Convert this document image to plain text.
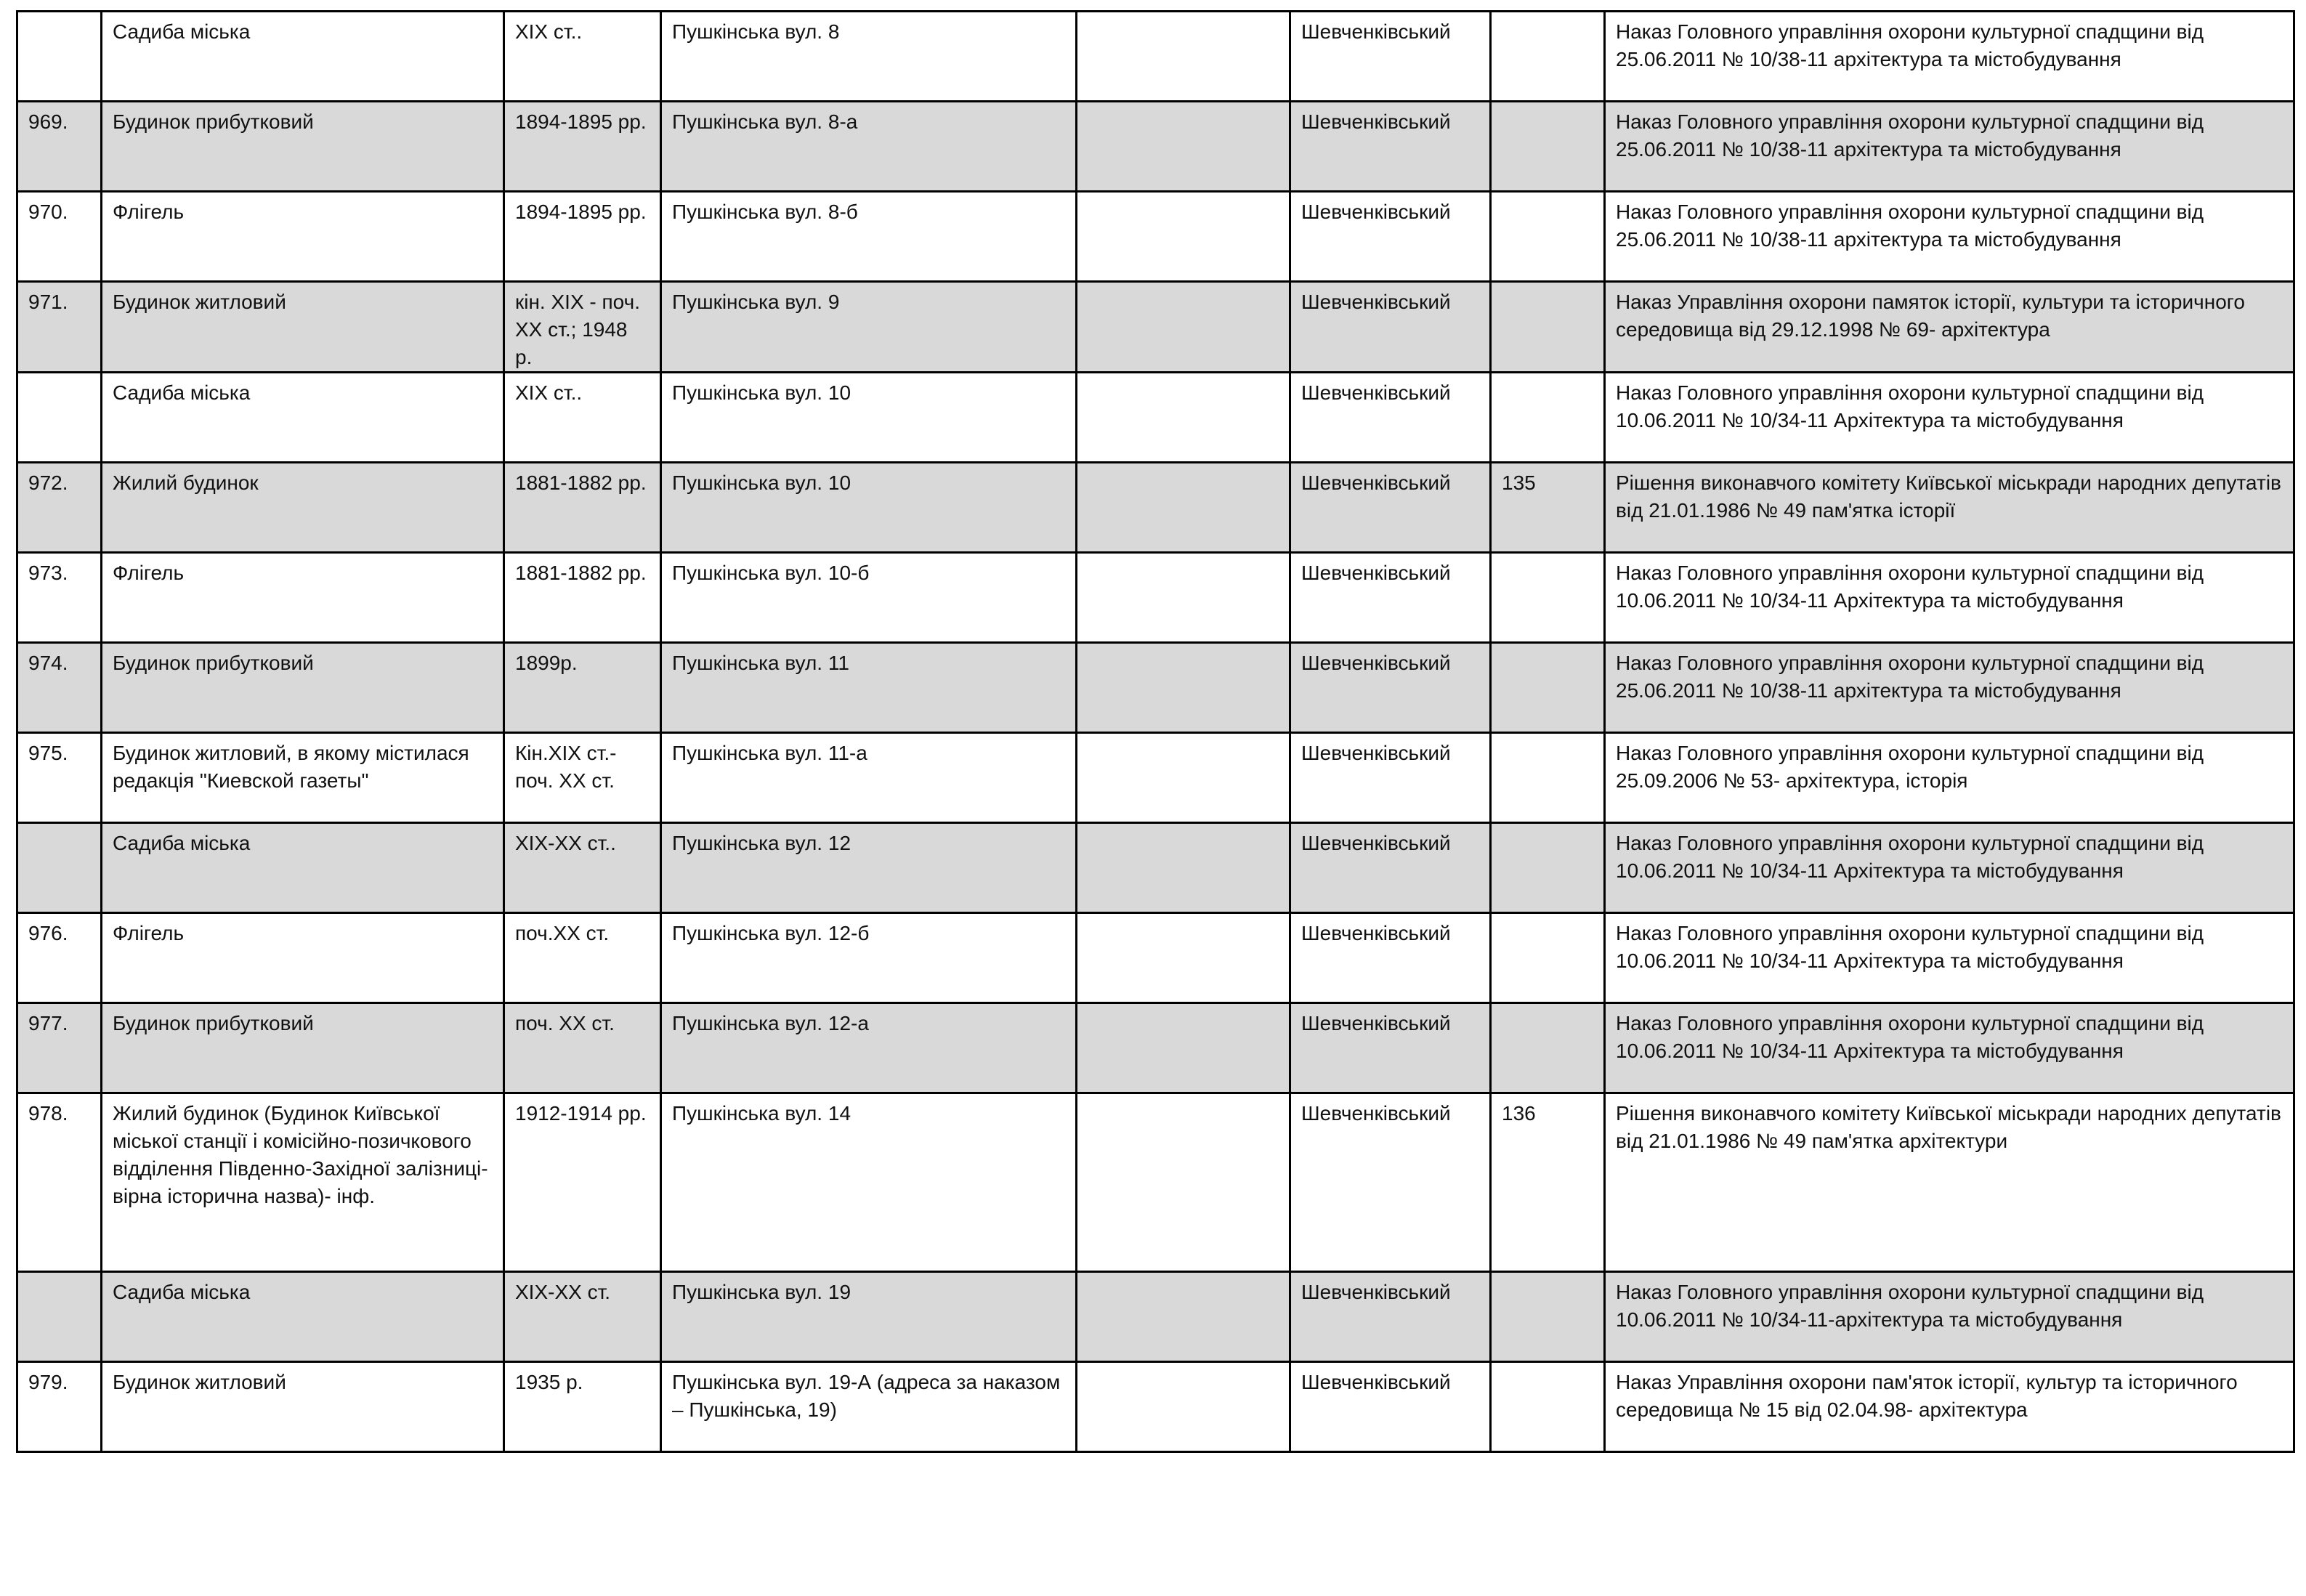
	Садиба міська	ХІХ ст..	Пушкінська вул. 8		Шевченківський		Наказ Головного управління охорони культурної спадщини від 25.06.2011 № 10/38-11 архітектура та містобудування
969.	Будинок прибутковий	1894-1895 рр.	Пушкінська вул. 8-а		Шевченківський		Наказ Головного управління охорони культурної спадщини від 25.06.2011 № 10/38-11 архітектура та містобудування
970.	Флігель	1894-1895 рр.	Пушкінська вул. 8-б		Шевченківський		Наказ Головного управління охорони культурної спадщини від 25.06.2011 № 10/38-11 архітектура та містобудування
971.	Будинок житловий	кін. ХІХ - поч. ХХ ст.; 1948 р.	Пушкінська вул. 9		Шевченківський		Наказ Управління охорони памяток історії, культури та історичного середовища від 29.12.1998 № 69- архітектура
	Садиба міська	ХІХ ст..	Пушкінська вул. 10		Шевченківський		Наказ Головного управління охорони культурної спадщини від 10.06.2011 № 10/34-11 Архітектура та містобудування
972.	Жилий будинок	1881-1882 рр.	Пушкінська вул. 10		Шевченківський	135	Рішення виконавчого комітету Київської міськради народних депутатів від 21.01.1986 № 49 пам'ятка історії
973.	Флігель	1881-1882 рр.	Пушкінська вул. 10-б		Шевченківський		Наказ Головного управління охорони культурної спадщини від 10.06.2011 № 10/34-11 Архітектура та містобудування
974.	Будинок прибутковий	1899р.	Пушкінська вул. 11		Шевченківський		Наказ Головного управління охорони культурної спадщини від 25.06.2011 № 10/38-11 архітектура та містобудування
975.	Будинок житловий, в якому містилася редакція "Киевской газеты"	Кін.ХІХ ст.- поч. ХХ ст.	Пушкінська вул. 11-а		Шевченківський		Наказ Головного управління охорони культурної спадщини від 25.09.2006 № 53- архітектура, історія
	Садиба міська	ХІХ-ХХ ст..	Пушкінська вул. 12		Шевченківський		Наказ Головного управління охорони культурної спадщини від 10.06.2011 № 10/34-11 Архітектура та містобудування
976.	Флігель	поч.ХХ ст.	Пушкінська вул. 12-б		Шевченківський		Наказ Головного управління охорони культурної спадщини від 10.06.2011 № 10/34-11 Архітектура та містобудування
977.	Будинок прибутковий	поч. ХХ ст.	Пушкінська вул. 12-а		Шевченківський		Наказ Головного управління охорони культурної спадщини від 10.06.2011 № 10/34-11 Архітектура та містобудування
978.	Жилий будинок (Будинок Київської міської станції і комісійно-позичкового відділення Південно-Західної залізниці- вірна історична назва)- інф.	1912-1914 рр.	Пушкінська вул. 14		Шевченківський	136	Рішення виконавчого комітету Київської міськради народних депутатів від 21.01.1986 № 49 пам'ятка архітектури
	Садиба міська	ХІХ-ХХ ст.	Пушкінська вул. 19		Шевченківський		Наказ Головного управління охорони культурної спадщини від 10.06.2011 № 10/34-11-архітектура та містобудування
979.	Будинок житловий	1935 р.	Пушкінська вул. 19-А (адреса за наказом – Пушкінська, 19)		Шевченківський		Наказ Управління охорони пам'яток історії, культур та історичного середовища № 15 від 02.04.98- архітектура
